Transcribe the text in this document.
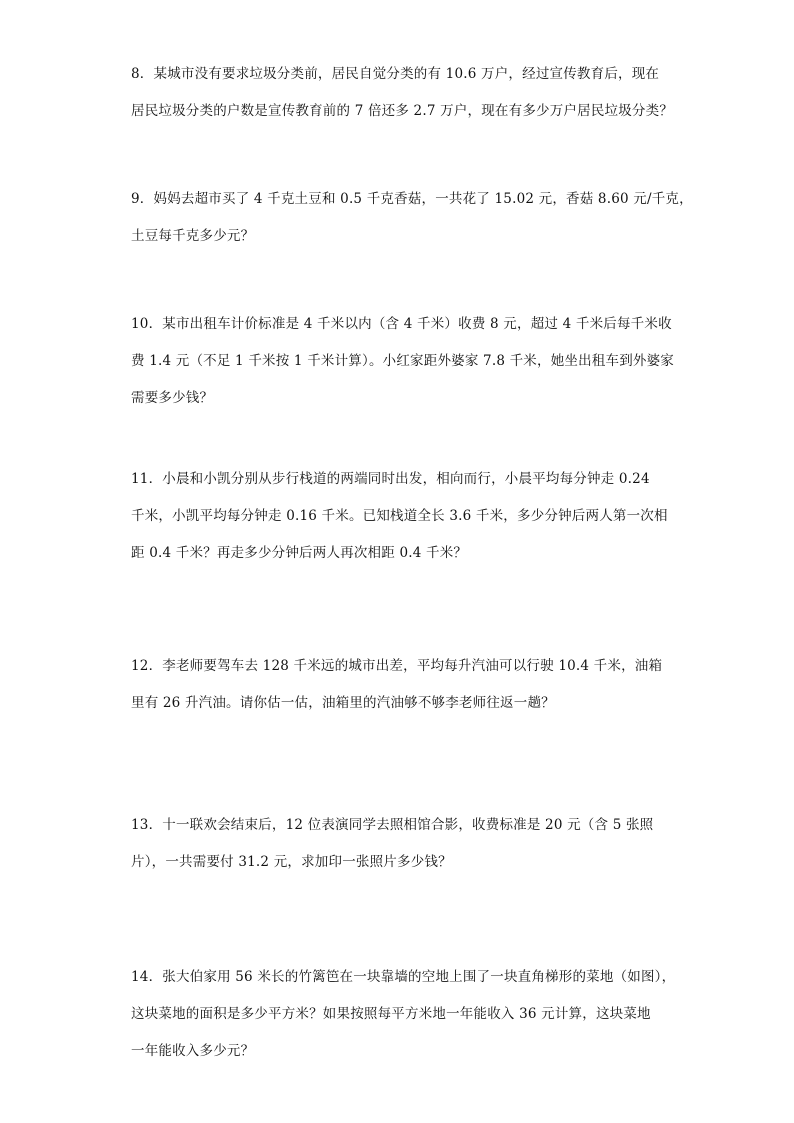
8．某城市没有要求垃圾分类前，居民自觉分类的有 10.6 万户，经过宣传教育后，现在
居民垃圾分类的户数是宣传教育前的 7 倍还多 2.7 万户，现在有多少万户居民垃圾分类？
9．妈妈去超市买了 4 千克土豆和 0.5 千克香菇，一共花了 15.02 元，香菇 8.60 元/千克，
土豆每千克多少元？
10．某市出租车计价标准是 4 千米以内（含 4 千米）收费 8 元，超过 4 千米后每千米收
费 1.4 元（不足 1 千米按 1 千米计算）。小红家距外婆家 7.8 千米，她坐出租车到外婆家
需要多少钱？
11．小晨和小凯分别从步行栈道的两端同时出发，相向而行，小晨平均每分钟走 0.24
千米，小凯平均每分钟走 0.16 千米。已知栈道全长 3.6 千米，多少分钟后两人第一次相
距 0.4 千米？再走多少分钟后两人再次相距 0.4 千米？
12．李老师要驾车去 128 千米远的城市出差，平均每升汽油可以行驶 10.4 千米，油箱
里有 26 升汽油。请你估一估，油箱里的汽油够不够李老师往返一趟？
13．十一联欢会结束后，12 位表演同学去照相馆合影，收费标准是 20 元（含 5 张照
片），一共需要付 31.2 元，求加印一张照片多少钱？
14．张大伯家用 56 米长的竹篱笆在一块靠墙的空地上围了一块直角梯形的菜地（如图），
这块菜地的面积是多少平方米？如果按照每平方米地一年能收入 36 元计算，这块菜地
一年能收入多少元？
